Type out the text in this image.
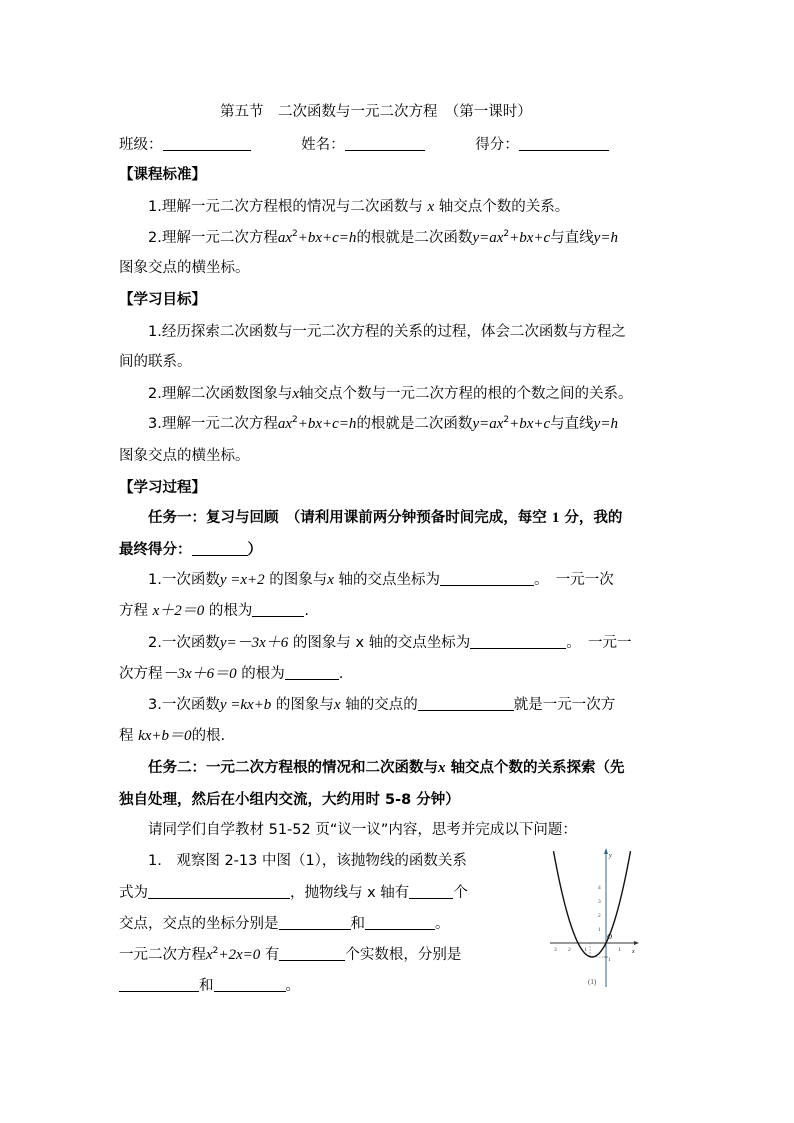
第五节　二次函数与一元二次方程　（第一课时）
班级：	姓名：	得分：
【课程标准】
1.理解一元二次方程根的情况与二次函数与 x 轴交点个数的关系。
2.理解一元二次方程$ax^2+bx+c=h$的根就是二次函数$y=ax^2+bx+c$与直线y=h
图象交点的横坐标。
【学习目标】
1.经历探索二次函数与一元二次方程的关系的过程，体会二次函数与方程之
间的联系。
2.理解二次函数图象与x轴交点个数与一元二次方程的根的个数之间的关系。
3.理解一元二次方程$ax^2+bx+c=h$的根就是二次函数$y=ax^2+bx+c$与直线y=h
图象交点的横坐标。
【学习过程】
任务一：复习与回顾　（请利用课前两分钟预备时间完成，每空 1 分，我的
最终得分：	）
1.一次函数y =x+2 的图象与x 轴的交点坐标为	。　一元一次
方程 x＋2＝0 的根为	.
2.一次函数y=－3x＋6 的图象与 x 轴的交点坐标为	。　一元一
次方程－3x＋6＝0 的根为	.
3.一次函数y =kx+b 的图象与x 轴的交点的	就是一元一次方
程 kx+b＝0的根.
任务二：一元二次方程根的情况和二次函数与x 轴交点个数的关系探索（先
独自处理，然后在小组内交流，大约用时 5-8 分钟）
请同学们自学教材 51-52 页“议一议”内容，思考并完成以下问题：
1.　观察图 2-13 中图（1），该抛物线的函数关系
式为	，抛物线与 x 轴有	个
交点，交点的坐标分别是	和	。
一元二次方程$x^2+2x=0$ 有	个实数根，分别是
和	。
y
x
O
3 2 1	1
4
3
2
1
1
(1)
